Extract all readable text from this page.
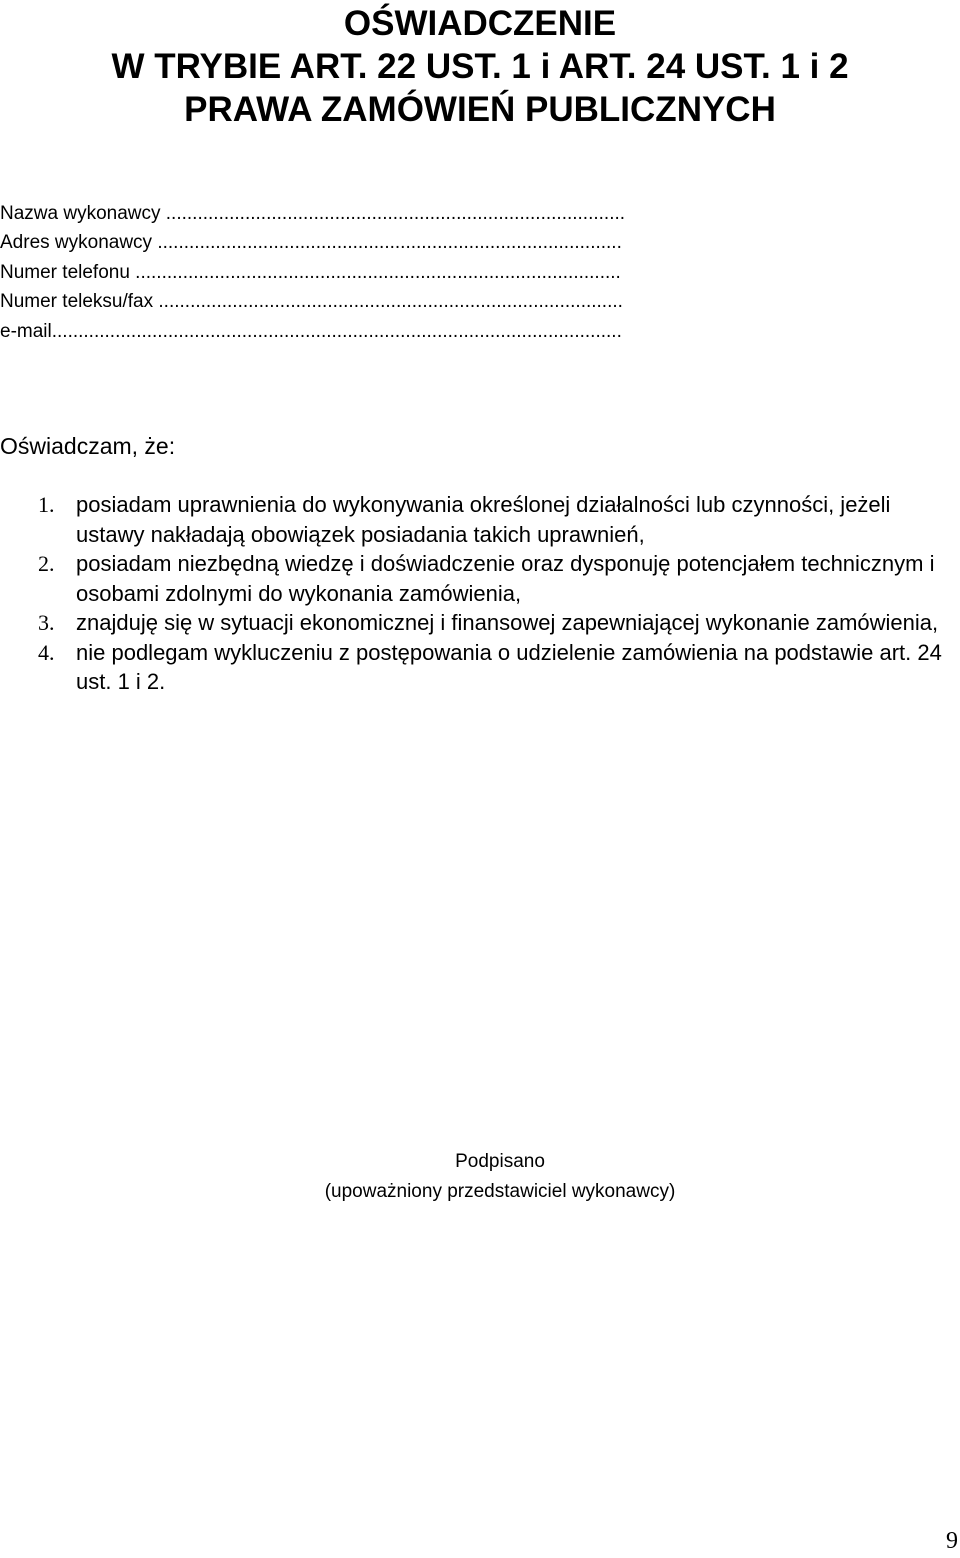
OŚWIADCZENIE
W TRYBIE ART. 22 UST. 1 i ART. 24 UST. 1 i 2
PRAWA ZAMÓWIEŃ PUBLICZNYCH
Nazwa wykonawcy .......................................................................................
Adres wykonawcy ........................................................................................
Numer telefonu ............................................................................................
Numer teleksu/fax ........................................................................................
e-mail............................................................................................................

Oświadczam, że:

1. posiadam uprawnienia do wykonywania określonej działalności lub czynności, jeżeli ustawy nakładają obowiązek posiadania takich uprawnień,
2. posiadam niezbędną wiedzę i doświadczenie oraz dysponuję potencjałem technicznym i osobami zdolnymi do wykonania zamówienia,
3. znajduję się w sytuacji ekonomicznej i finansowej zapewniającej wykonanie zamówienia,
4. nie podlegam wykluczeniu z postępowania o udzielenie zamówienia na podstawie art. 24 ust. 1 i 2.
Podpisano
(upoważniony przedstawiciel wykonawcy)
9
